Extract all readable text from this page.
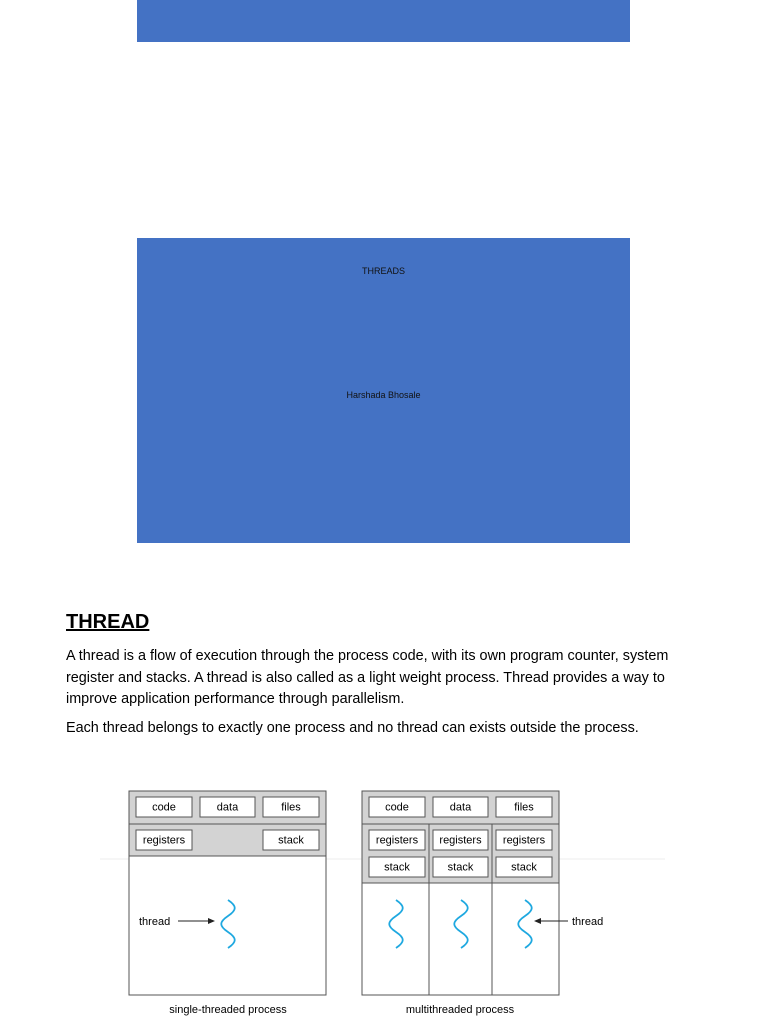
THREADS
Harshada Bhosale
THREAD

A thread is a flow of execution through the process code, with its own program counter, system register and stacks. A thread is also called as a light weight process. Thread provides a way to improve application performance through parallelism.

Each thread belongs to exactly one process and no thread can exists outside the process.

code	data	files
registers	stack
thread
single-threaded process
code	data	files
registers registers registers
stack	stack	stack
thread
multithreaded process
